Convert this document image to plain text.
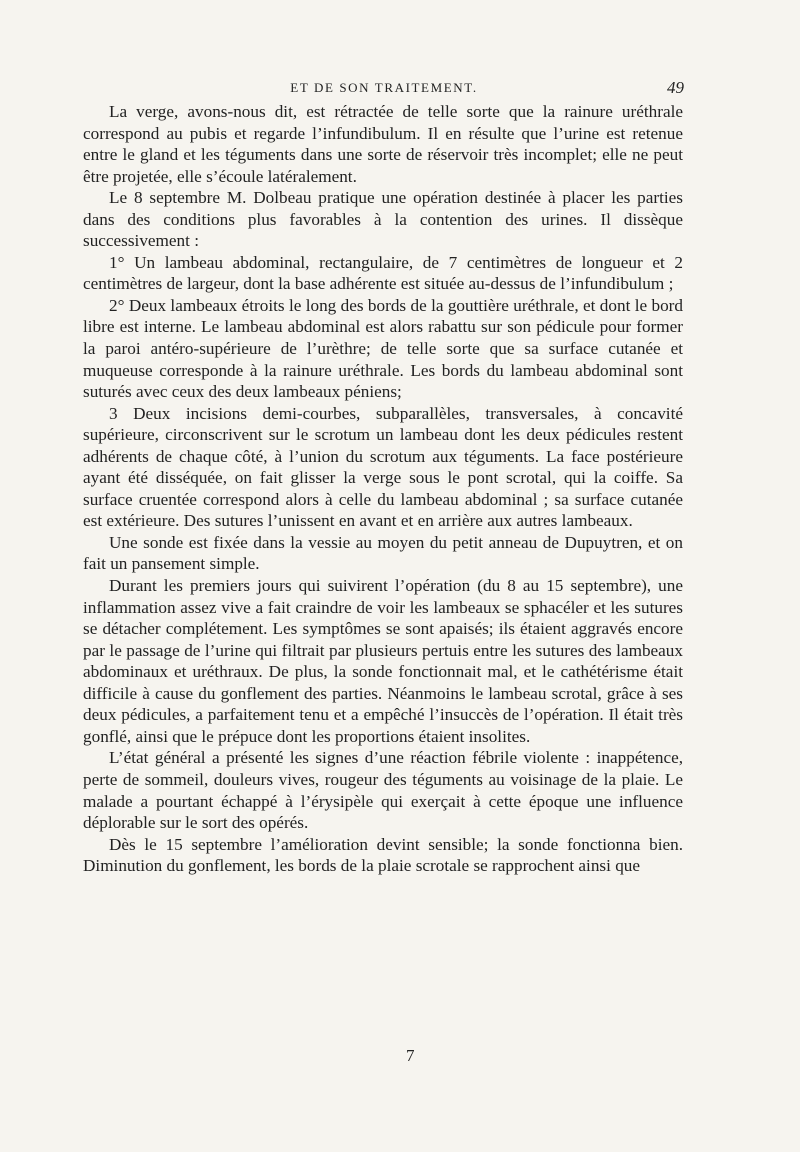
ET DE SON TRAITEMENT.	49

La verge, avons-nous dit, est rétractée de telle sorte que la rainure uréthrale correspond au pubis et regarde l’infundibulum. Il en résulte que l’urine est retenue entre le gland et les téguments dans une sorte de réservoir très incomplet; elle ne peut être projetée, elle s’écoule latéralement.

Le 8 septembre M. Dolbeau pratique une opération destinée à placer les parties dans des conditions plus favorables à la contention des urines. Il dissèque successivement :

1° Un lambeau abdominal, rectangulaire, de 7 centimètres de longueur et 2 centimètres de largeur, dont la base adhérente est située au-dessus de l’infundibulum ;

2° Deux lambeaux étroits le long des bords de la gouttière uréthrale, et dont le bord libre est interne. Le lambeau abdominal est alors rabattu sur son pédicule pour former la paroi antéro-supérieure de l’urèthre; de telle sorte que sa surface cutanée et muqueuse corresponde à la rainure uréthrale. Les bords du lambeau abdominal sont suturés avec ceux des deux lambeaux péniens;

3 Deux incisions demi-courbes, subparallèles, transversales, à concavité supérieure, circonscrivent sur le scrotum un lambeau dont les deux pédicules restent adhérents de chaque côté, à l’union du scrotum aux téguments. La face postérieure ayant été disséquée, on fait glisser la verge sous le pont scrotal, qui la coiffe. Sa surface cruentée correspond alors à celle du lambeau abdominal ; sa surface cutanée est extérieure. Des sutures l’unissent en avant et en arrière aux autres lambeaux.

Une sonde est fixée dans la vessie au moyen du petit anneau de Dupuytren, et on fait un pansement simple.

Durant les premiers jours qui suivirent l’opération (du 8 au 15 septembre), une inflammation assez vive a fait craindre de voir les lambeaux se sphacéler et les sutures se détacher complétement. Les symptômes se sont apaisés; ils étaient aggravés encore par le passage de l’urine qui filtrait par plusieurs pertuis entre les sutures des lambeaux abdominaux et uréthraux. De plus, la sonde fonctionnait mal, et le cathétérisme était difficile à cause du gonflement des parties. Néanmoins le lambeau scrotal, grâce à ses deux pédicules, a parfaitement tenu et a empêché l’insuccès de l’opération. Il était très gonflé, ainsi que le prépuce dont les proportions étaient insolites.

L’état général a présenté les signes d’une réaction fébrile violente : inappétence, perte de sommeil, douleurs vives, rougeur des téguments au voisinage de la plaie. Le malade a pourtant échappé à l’érysipèle qui exerçait à cette époque une influence déplorable sur le sort des opérés.

Dès le 15 septembre l’amélioration devint sensible; la sonde fonctionna bien. Diminution du gonflement, les bords de la plaie scrotale se rapprochent ainsi que

7
